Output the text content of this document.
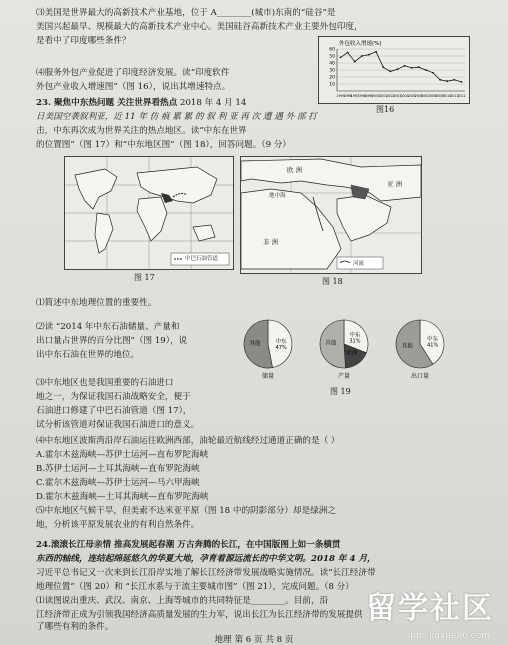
⑶美国是世界最大的高新技术产业基地，位于 A________(城市)东南的“硅谷”是
美国兴起最早、规模最大的高新技术产业中心。美国硅谷高新技术产业主要外包印度，
是看中了印度哪些条件？
⑷服务外包产业促进了印度经济发展。读“印度软件
外包产业收入增速图”（图 16），说出其增速特点。
外包收入增速(%)
60
50
40
30
20
10
1995
1996
1997
1998
1999
2000
2001
2002
2003
2004
2005
2006
2007
2008
2009
2010
2011
2012
图16
23. 聚焦中东热问题 关注世界看热点 2018 年 4 月 14
日美国空袭叙利亚，近 11 年 仿 痕 累 累 的 叙 利 亚 再 次 遭 遇 外 部 打
击，中东再次成为世界关注的热点地区。读“中东在世界
的位置图”（图 17）和“中东地区图”（图 18），回答问题。（9 分）
中巴石油管道
图 17
欧 洲
地中海
亚 洲
非 洲
河流
图 18
⑴简述中东地理位置的重要性。
⑵读 “2014 年中东石油储量、产量和
出口量占世界的百分比图”（图 19），说
出中东石油在世界的地位。
⑶中东地区也是我国重要的石油进口
地之一，为保证我国石油战略安全，便于
石油进口修建了中巴石油管道（图 17），
试分析该管道对保证我国石油进口的意义。
中东
47%
其他
储量
中东
31%
欧洲
其他
产量
中东
41%
其他
出口量
图 19
⑷中东地区波斯湾沿岸石油运往欧洲西部，油轮最近航线经过通道正确的是（ ）
A.霍尔木兹海峡—苏伊士运河—直布罗陀海峡
B.苏伊士运河—土耳其海峡—直布罗陀海峡
C.霍尔木兹海峡—苏伊士运河—马六甲海峡
D.霍尔木兹海峡—土耳其海峡—直布罗陀海峡
⑸中东地区气候干旱，但美索不达米亚平原（图 18 中的阴影部分）却是绿洲之
地，分析该平原发展农业的有利自然条件。
24.滚滚长江母亲情 推高发展起春潮 万古奔腾的长江，在中国版图上如一条横贯
东西的轴线，连结起绵延悠久的华夏大地，孕育着源远流长的中华文明。2018 年 4 月，
习近平总书记又一次来到长江沿岸实地了解长江经济带发展战略实施情况。读“长江经济带
地理位置”（图 20）和 “长江水系与干流主要城市图”（图 21），完成问题。（8 分）
⑴读图说出重庆、武汉、南京、上海等城市的共同特征是________。目前，沿
江经济带正成为引领我国经济高质量发展的生力军，说出长江为长江经济带的发展提供
了哪些有利的条件。
地理 第 6 页 共 8 页
留学社区
bbs.liuxue86.com
